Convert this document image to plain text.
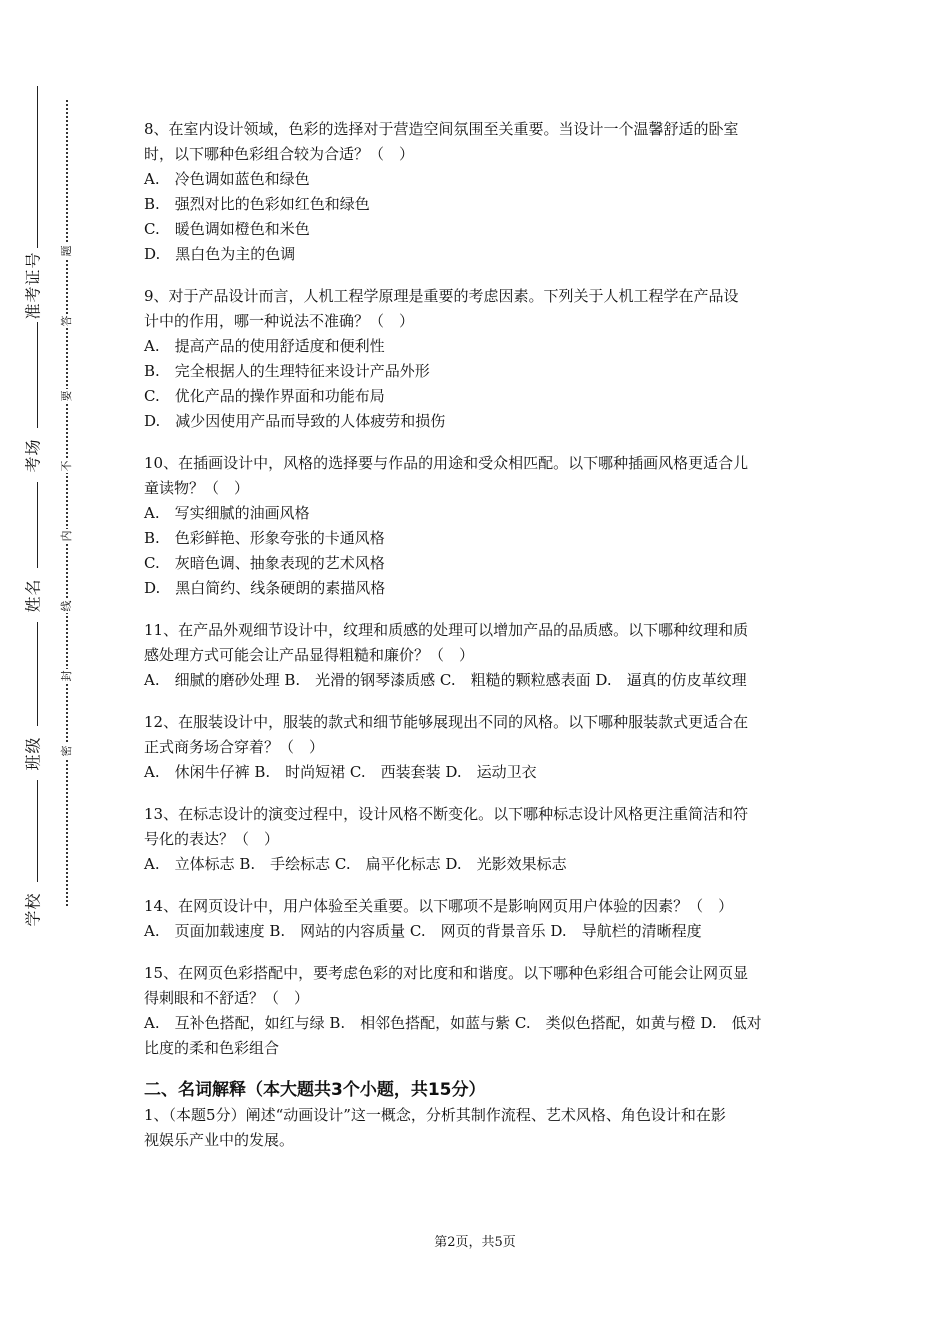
准考证号
考场
姓名
班级
学校
题
答
要
不
内
线
封
密
8、在室内设计领域，色彩的选择对于营造空间氛围至关重要。当设计一个温馨舒适的卧室
时，以下哪种色彩组合较为合适？（　）
A.　冷色调如蓝色和绿色
B.　强烈对比的色彩如红色和绿色
C.　暖色调如橙色和米色
D.　黑白色为主的色调
9、对于产品设计而言，人机工程学原理是重要的考虑因素。下列关于人机工程学在产品设
计中的作用，哪一种说法不准确？（　）
A.　提高产品的使用舒适度和便利性
B.　完全根据人的生理特征来设计产品外形
C.　优化产品的操作界面和功能布局
D.　减少因使用产品而导致的人体疲劳和损伤
10、在插画设计中，风格的选择要与作品的用途和受众相匹配。以下哪种插画风格更适合儿
童读物？（　）
A.　写实细腻的油画风格
B.　色彩鲜艳、形象夸张的卡通风格
C.　灰暗色调、抽象表现的艺术风格
D.　黑白简约、线条硬朗的素描风格
11、在产品外观细节设计中，纹理和质感的处理可以增加产品的品质感。以下哪种纹理和质
感处理方式可能会让产品显得粗糙和廉价？（　）
A.　细腻的磨砂处理 B.　光滑的钢琴漆质感 C.　粗糙的颗粒感表面 D.　逼真的仿皮革纹理
12、在服装设计中，服装的款式和细节能够展现出不同的风格。以下哪种服装款式更适合在
正式商务场合穿着？（　）
A.　休闲牛仔裤 B.　时尚短裙 C.　西装套装 D.　运动卫衣
13、在标志设计的演变过程中，设计风格不断变化。以下哪种标志设计风格更注重简洁和符
号化的表达？（　）
A.　立体标志 B.　手绘标志 C.　扁平化标志 D.　光影效果标志
14、在网页设计中，用户体验至关重要。以下哪项不是影响网页用户体验的因素？（　）
A.　页面加载速度 B.　网站的内容质量 C.　网页的背景音乐 D.　导航栏的清晰程度
15、在网页色彩搭配中，要考虑色彩的对比度和和谐度。以下哪种色彩组合可能会让网页显
得刺眼和不舒适？（　）
A.　互补色搭配，如红与绿 B.　相邻色搭配，如蓝与紫 C.　类似色搭配，如黄与橙 D.　低对
比度的柔和色彩组合
二、名词解释（本大题共3个小题，共15分）
1、（本题5分）阐述“动画设计”这一概念，分析其制作流程、艺术风格、角色设计和在影
视娱乐产业中的发展。
第2页，共5页
